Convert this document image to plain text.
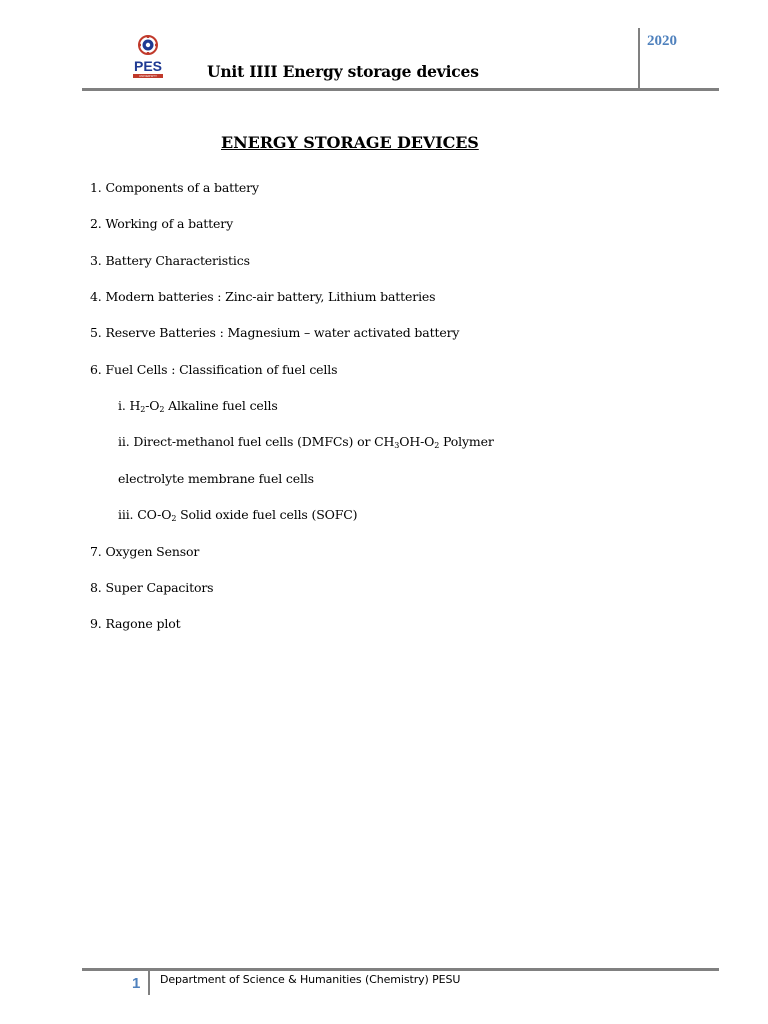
PES
UNIVERSITY	Unit IIII Energy storage devices
2020
ENERGY STORAGE DEVICES
1. Components of a battery
2. Working of a battery
3. Battery Characteristics
4. Modern batteries : Zinc-air battery, Lithium batteries
5. Reserve Batteries : Magnesium – water activated battery
6. Fuel Cells : Classification of fuel cells
i. $H_2-O_2$ Alkaline fuel cells
ii. Direct-methanol fuel cells (DMFCs) or $CH_3OH-O_2$ Polymer
electrolyte membrane fuel cells
iii. $CO-O_2$ Solid oxide fuel cells (SOFC)
7. Oxygen Sensor
8. Super Capacitors
9. Ragone plot
1 Department of Science & Humanities (Chemistry) PESU
